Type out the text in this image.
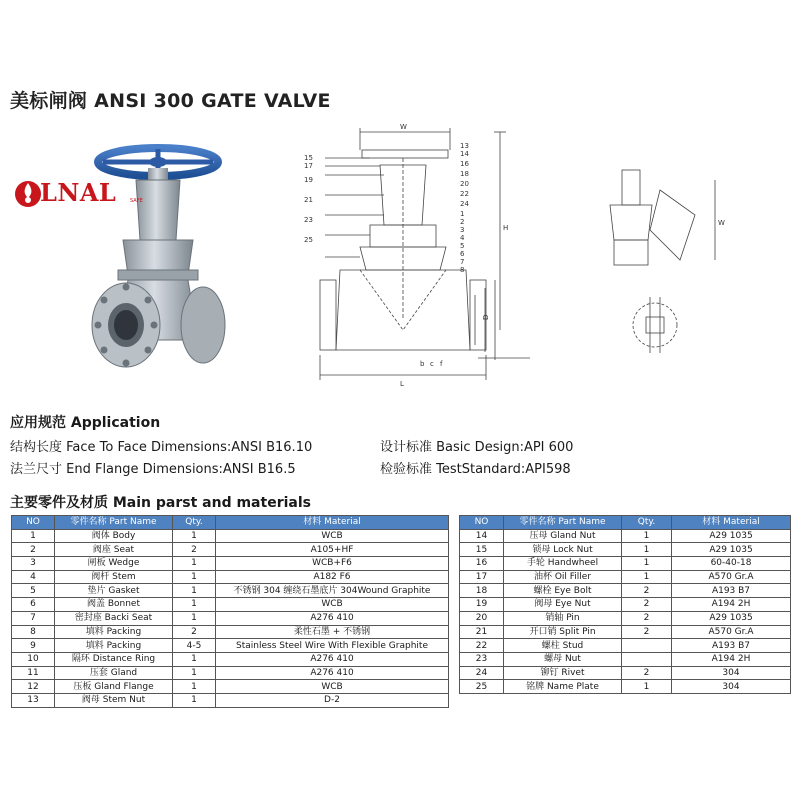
美标闸阀 ANSI 300 GATE VALVE
LNAL	SAFE
W
H
L
D
15
17
19
21
23
25
13
14
16
18
20
22
24
1
2
3
4
5
6
7
8
b c f
W
应用规范 Application
结构长度 Face To Face Dimensions:ANSI B16.10
法兰尺寸 End Flange Dimensions:ANSI B16.5
设计标准 Basic Design:API 600
检验标准 TestStandard:API598
主要零件及材质 Main parst and materials
NO	零件名称 Part Name	Qty.	材料 Material
1	阀体 Body	1	WCB
2	阀座 Seat	2	A105+HF
3	闸板 Wedge	1	WCB+F6
4	阀杆 Stem	1	A182 F6
5	垫片 Gasket	1	不锈钢 304 缠绕石墨底片 304Wound Graphite
6	阀盖 Bonnet	1	WCB
7	密封座 Backi Seat	1	A276 410
8	填料 Packing	2	柔性石墨 + 不锈钢
9	填料 Packing	4-5	Stainless Steel Wire With Flexible Graphite
10	隔环 Distance Ring	1	A276 410
11	压套 Gland	1	A276 410
12	压板 Gland Flange	1	WCB
13	阀母 Stem Nut	1	D-2
NO	零件名称 Part Name	Qty.	材料 Material
14	压母 Gland Nut	1	A29 1035
15	锁母 Lock Nut	1	A29 1035
16	手轮 Handwheel	1	60-40-18
17	油杯 Oil Filler	1	A570 Gr.A
18	螺栓 Eye Bolt	2	A193 B7
19	阀母 Eye Nut	2	A194 2H
20	销轴 Pin	2	A29 1035
21	开口销 Split Pin	2	A570 Gr.A
22	螺柱 Stud		A193 B7
23	螺母 Nut		A194 2H
24	铆钉 Rivet	2	304
25	铭牌 Name Plate	1	304
